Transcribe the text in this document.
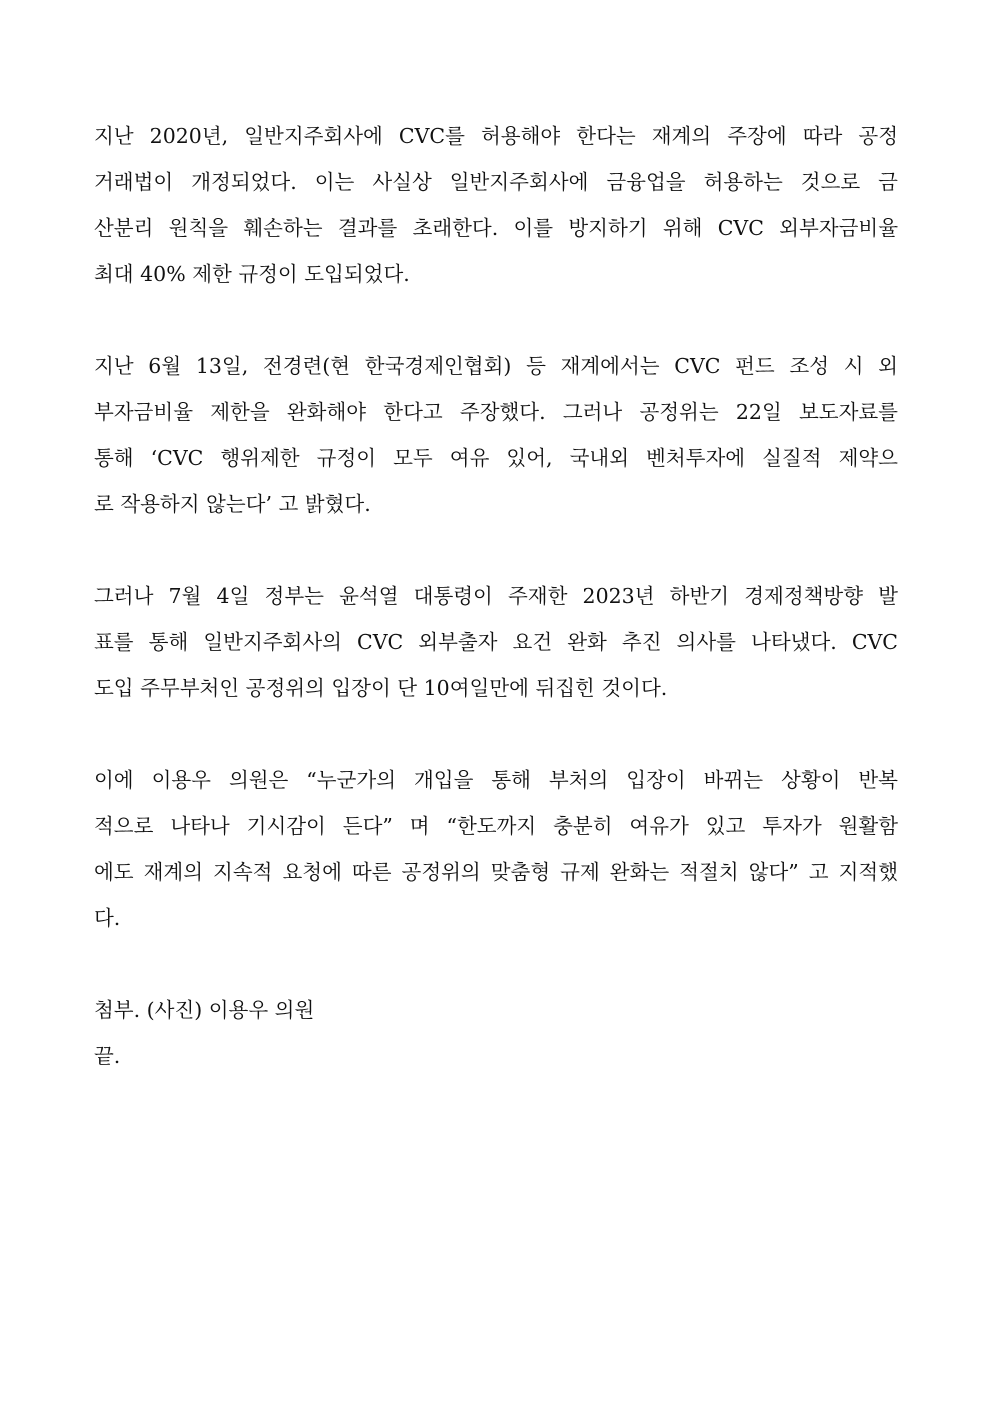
지난 2020년, 일반지주회사에 CVC를 허용해야 한다는 재계의 주장에 따라 공정
거래법이 개정되었다. 이는 사실상 일반지주회사에 금융업을 허용하는 것으로 금
산분리 원칙을 훼손하는 결과를 초래한다. 이를 방지하기 위해 CVC 외부자금비율
최대 40% 제한 규정이 도입되었다.
지난 6월 13일, 전경련(현 한국경제인협회) 등 재계에서는 CVC 펀드 조성 시 외
부자금비율 제한을 완화해야 한다고 주장했다. 그러나 공정위는 22일 보도자료를
통해 ‘CVC 행위제한 규정이 모두 여유 있어, 국내외 벤처투자에 실질적 제약으
로 작용하지 않는다’ 고 밝혔다.
그러나 7월 4일 정부는 윤석열 대통령이 주재한 2023년 하반기 경제정책방향 발
표를 통해 일반지주회사의 CVC 외부출자 요건 완화 추진 의사를 나타냈다. CVC
도입 주무부처인 공정위의 입장이 단 10여일만에 뒤집힌 것이다.
이에 이용우 의원은 “누군가의 개입을 통해 부처의 입장이 바뀌는 상황이 반복
적으로 나타나 기시감이 든다” 며 “한도까지 충분히 여유가 있고 투자가 원활함
에도 재계의 지속적 요청에 따른 공정위의 맞춤형 규제 완화는 적절치 않다” 고 지적했
다.
첨부. (사진) 이용우 의원
끝.
